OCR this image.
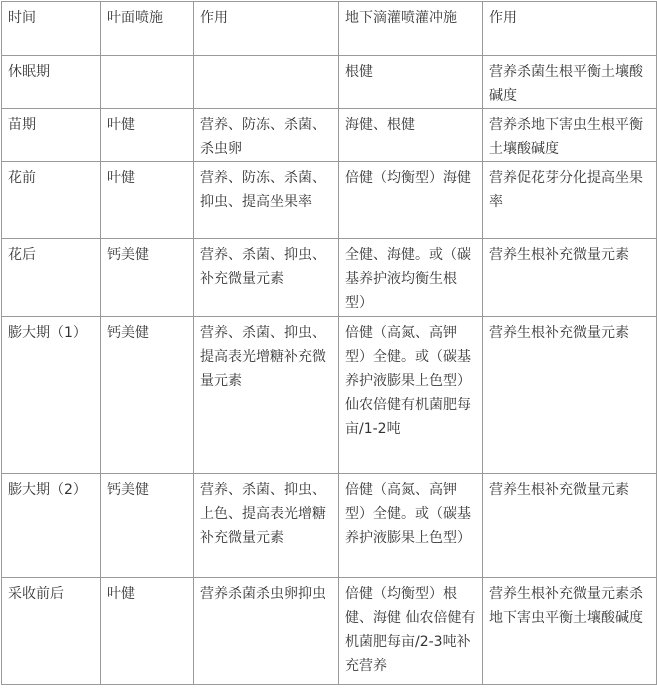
时间	叶面喷施	作用	地下滴灌喷灌冲施	作用
休眠期			根健	营养杀菌生根平衡土壤酸碱度
苗期	叶健	营养、防冻、杀菌、杀虫卵	海健、根健	营养杀地下害虫生根平衡土壤酸碱度
花前	叶健	营养、防冻、杀菌、抑虫、提高坐果率	倍健（均衡型）海健	营养促花芽分化提高坐果率
花后	钙美健	营养、杀菌、抑虫、补充微量元素	全健、海健。或（碳基养护液均衡生根型）	营养生根补充微量元素
膨大期（1）	钙美健	营养、杀菌、抑虫、提高表光增糖补充微量元素	倍健（高氮、高钾型）全健。或（碳基养护液膨果上色型）仙农倍健有机菌肥每亩/1-2吨	营养生根补充微量元素
膨大期（2）	钙美健	营养、杀菌、抑虫、上色、提高表光增糖补充微量元素	倍健（高氮、高钾型）全健。或（碳基养护液膨果上色型）	营养生根补充微量元素
采收前后	叶健	营养杀菌杀虫卵抑虫	倍健（均衡型）根健、海健 仙农倍健有机菌肥每亩/2-3吨补充营养	营养生根补充微量元素杀地下害虫平衡土壤酸碱度
